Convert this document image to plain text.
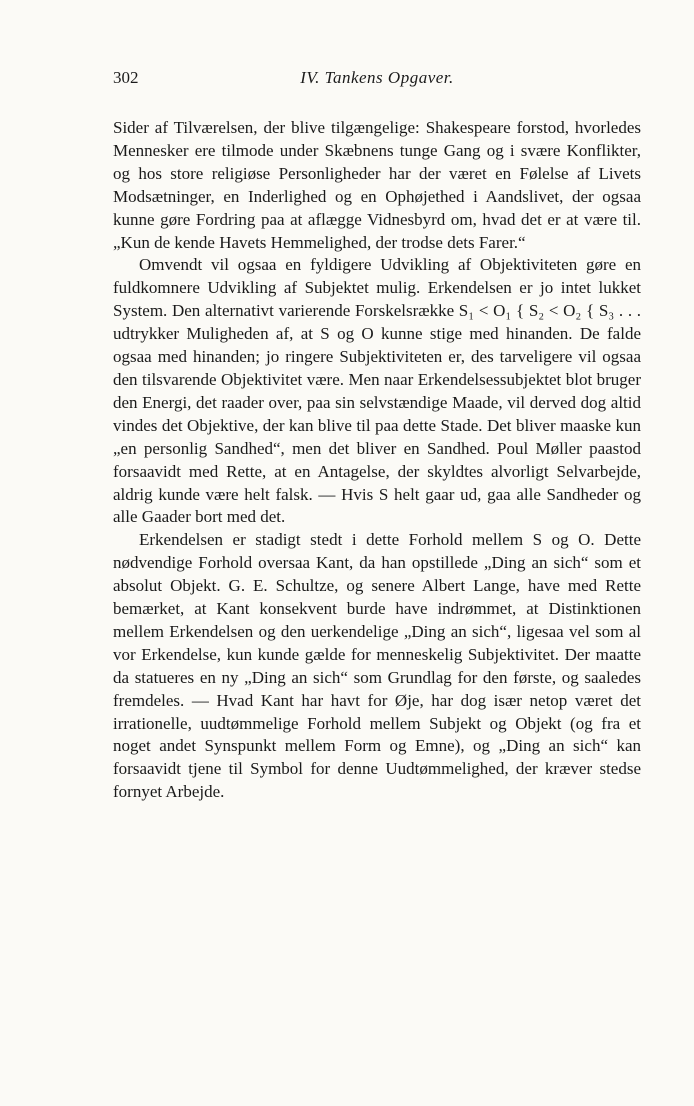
302	IV. Tankens Opgaver.

Sider af Tilværelsen, der blive tilgængelige: Shakespeare forstod, hvorledes Mennesker ere tilmode under Skæbnens tunge Gang og i svære Konflikter, og hos store religiøse Personligheder har der været en Følelse af Livets Modsætninger, en Inderlighed og en Ophøjethed i Aandslivet, der ogsaa kunne gøre Fordring paa at aflægge Vidnesbyrd om, hvad det er at være til. „Kun de kende Havets Hemmelighed, der trodse dets Farer.“

Omvendt vil ogsaa en fyldigere Udvikling af Objektiviteten gøre en fuldkomnere Udvikling af Subjektet mulig. Erkendelsen er jo intet lukket System. Den alternativt varierende Forskelsrække S₁ < O₁ { S₂ < O₂ { S₃ . . . udtrykker Muligheden af, at S og O kunne stige med hinanden. De falde ogsaa med hinanden; jo ringere Subjektiviteten er, des tarveligere vil ogsaa den tilsvarende Objektivitet være. Men naar Erkendelsessubjektet blot bruger den Energi, det raader over, paa sin selvstændige Maade, vil derved dog altid vindes det Objektive, der kan blive til paa dette Stade. Det bliver maaske kun „en personlig Sandhed“, men det bliver en Sandhed. Poul Møller paastod forsaavidt med Rette, at en Antagelse, der skyldtes alvorligt Selvarbejde, aldrig kunde være helt falsk. — Hvis S helt gaar ud, gaa alle Sandheder og alle Gaader bort med det.

Erkendelsen er stadigt stedt i dette Forhold mellem S og O. Dette nødvendige Forhold oversaa Kant, da han opstillede „Ding an sich“ som et absolut Objekt. G. E. Schultze, og senere Albert Lange, have med Rette bemærket, at Kant konsekvent burde have indrømmet, at Distinktionen mellem Erkendelsen og den uerkendelige „Ding an sich“, ligesaa vel som al vor Erkendelse, kun kunde gælde for menneskelig Subjektivitet. Der maatte da statueres en ny „Ding an sich“ som Grundlag for den første, og saaledes fremdeles. — Hvad Kant har havt for Øje, har dog især netop været det irrationelle, uudtømmelige Forhold mellem Subjekt og Objekt (og fra et noget andet Synspunkt mellem Form og Emne), og „Ding an sich“ kan forsaavidt tjene til Symbol for denne Uudtømmelighed, der kræver stedse fornyet Arbejde.
